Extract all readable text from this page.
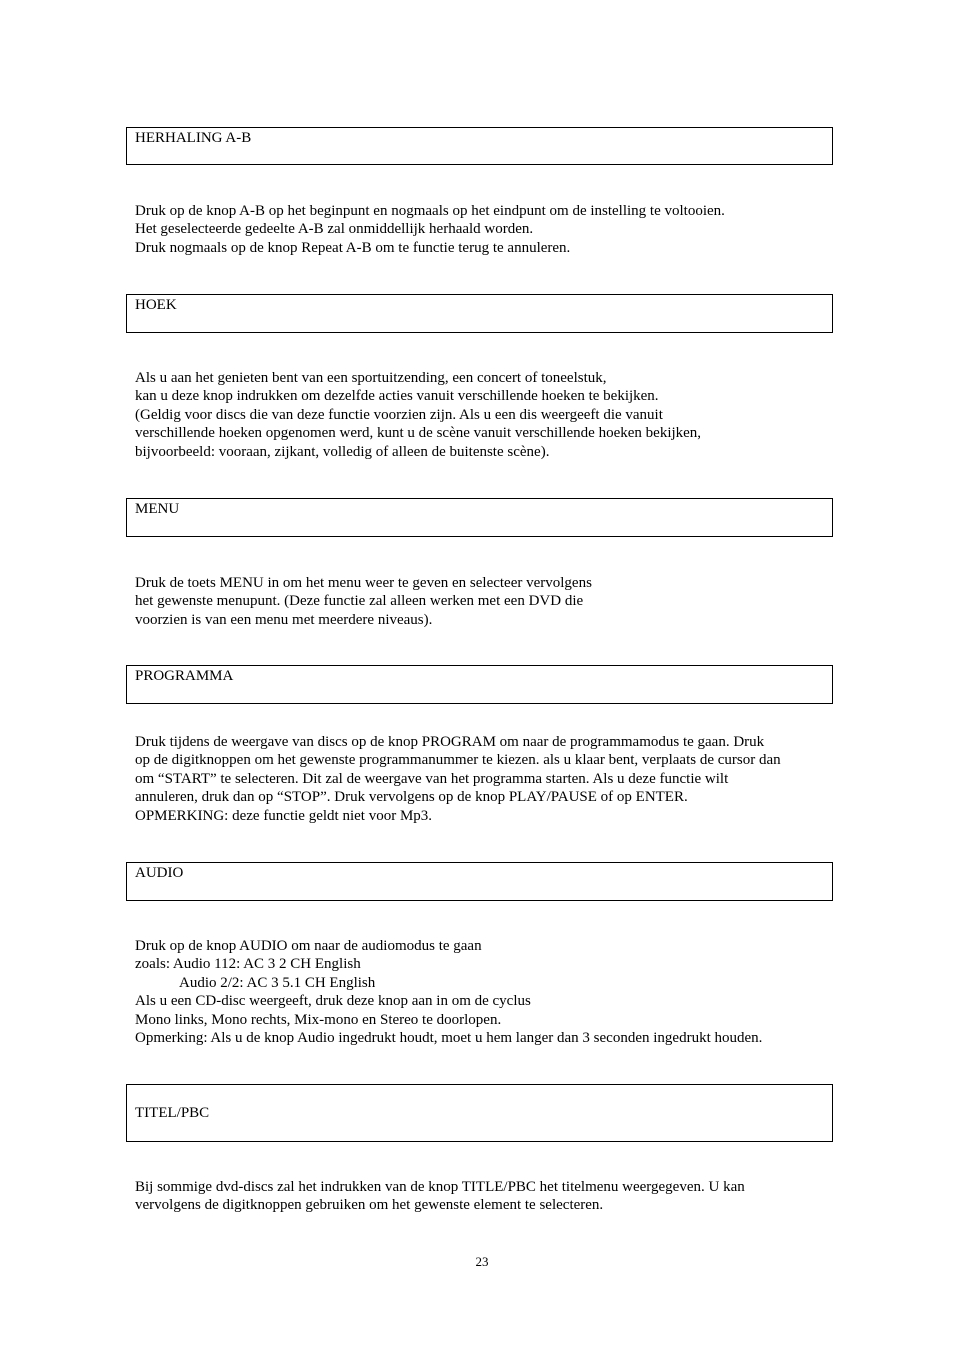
HERHALING A-B
Druk op de knop A-B op het beginpunt en nogmaals op het eindpunt om de instelling te voltooien.
Het geselecteerde gedeelte A-B zal onmiddellijk herhaald worden.
Druk nogmaals op de knop Repeat A-B om te functie terug te annuleren.
HOEK
Als u aan het genieten bent van een sportuitzending, een concert of toneelstuk,
kan u deze knop indrukken om dezelfde acties vanuit verschillende hoeken te bekijken.
(Geldig voor discs die van deze functie voorzien zijn. Als u een dis weergeeft die vanuit
verschillende hoeken opgenomen werd, kunt u de scène vanuit verschillende hoeken bekijken,
bijvoorbeeld: vooraan, zijkant, volledig of alleen de buitenste scène).
MENU
Druk de toets MENU in om het menu weer te geven en selecteer vervolgens
het gewenste menupunt. (Deze functie zal alleen werken met een DVD die
voorzien is van een menu met meerdere niveaus).
PROGRAMMA
Druk tijdens de weergave van discs op de knop PROGRAM om naar de programmamodus te gaan. Druk
op de digitknoppen om het gewenste programmanummer te kiezen. als u klaar bent, verplaats de cursor dan
om “START” te selecteren. Dit zal de weergave van het programma starten. Als u deze functie wilt
annuleren, druk dan op “STOP”. Druk vervolgens op de knop PLAY/PAUSE of op ENTER.
OPMERKING: deze functie geldt niet voor Mp3.
AUDIO
Druk op de knop AUDIO om naar de audiomodus te gaan
zoals: Audio 112: AC 3 2 CH English
Audio 2/2: AC 3 5.1 CH English
Als u een CD-disc weergeeft, druk deze knop aan in om de cyclus
Mono links, Mono rechts, Mix-mono en Stereo te doorlopen.
Opmerking: Als u de knop Audio ingedrukt houdt, moet u hem langer dan 3 seconden ingedrukt houden.
TITEL/PBC
Bij sommige dvd-discs zal het indrukken van de knop TITLE/PBC het titelmenu weergegeven. U kan
vervolgens de digitknoppen gebruiken om het gewenste element te selecteren.
23
